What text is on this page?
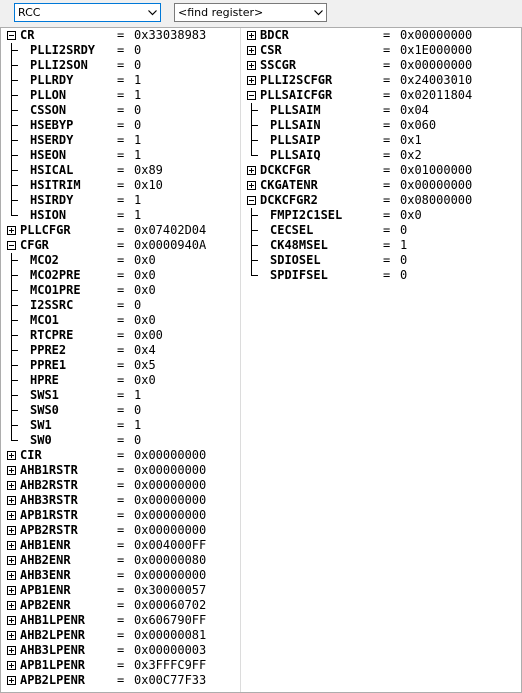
RCC	<find register>
CR	= 0x33038983
PLLI2SRDY = 0
PLLI2SON = 0
PLLRDY	= 1
PLLON	= 1
CSSON	= 0
HSEBYP	= 0
HSERDY	= 1
HSEON	= 1
HSICAL	= 0x89
HSITRIM	= 0x10
HSIRDY	= 1
HSION	= 1
PLLCFGR	= 0x07402D04
CFGR	= 0x0000940A
MCO2	= 0x0
MCO2PRE	= 0x0
MCO1PRE	= 0x0
I2SSRC	= 0
MCO1	= 0x0
RTCPRE	= 0x00
PPRE2	= 0x4
PPRE1	= 0x5
HPRE	= 0x0
SWS1	= 1
SWS0	= 0
SW1	= 1
SW0	= 0
CIR	= 0x00000000
AHB1RSTR	= 0x00000000
AHB2RSTR	= 0x00000000
AHB3RSTR	= 0x00000000
APB1RSTR	= 0x00000000
APB2RSTR	= 0x00000000
AHB1ENR	= 0x004000FF
AHB2ENR	= 0x00000080
AHB3ENR	= 0x00000000
APB1ENR	= 0x30000057
APB2ENR	= 0x00060702
AHB1LPENR	= 0x606790FF
AHB2LPENR	= 0x00000081
AHB3LPENR	= 0x00000003
APB1LPENR	= 0x3FFFC9FF
APB2LPENR	= 0x00C77F33
BDCR	= 0x00000000
CSR	= 0x1E000000
SSCGR	= 0x00000000
PLLI2SCFGR	= 0x24003010
PLLSAICFGR	= 0x02011804
PLLSAIM	= 0x04
PLLSAIN	= 0x060
PLLSAIP	= 0x1
PLLSAIQ	= 0x2
DCKCFGR	= 0x01000000
CKGATENR	= 0x00000000
DCKCFGR2	= 0x08000000
FMPI2C1SEL	= 0x0
CECSEL	= 0
CK48MSEL	= 1
SDIOSEL	= 0
SPDIFSEL	= 0
